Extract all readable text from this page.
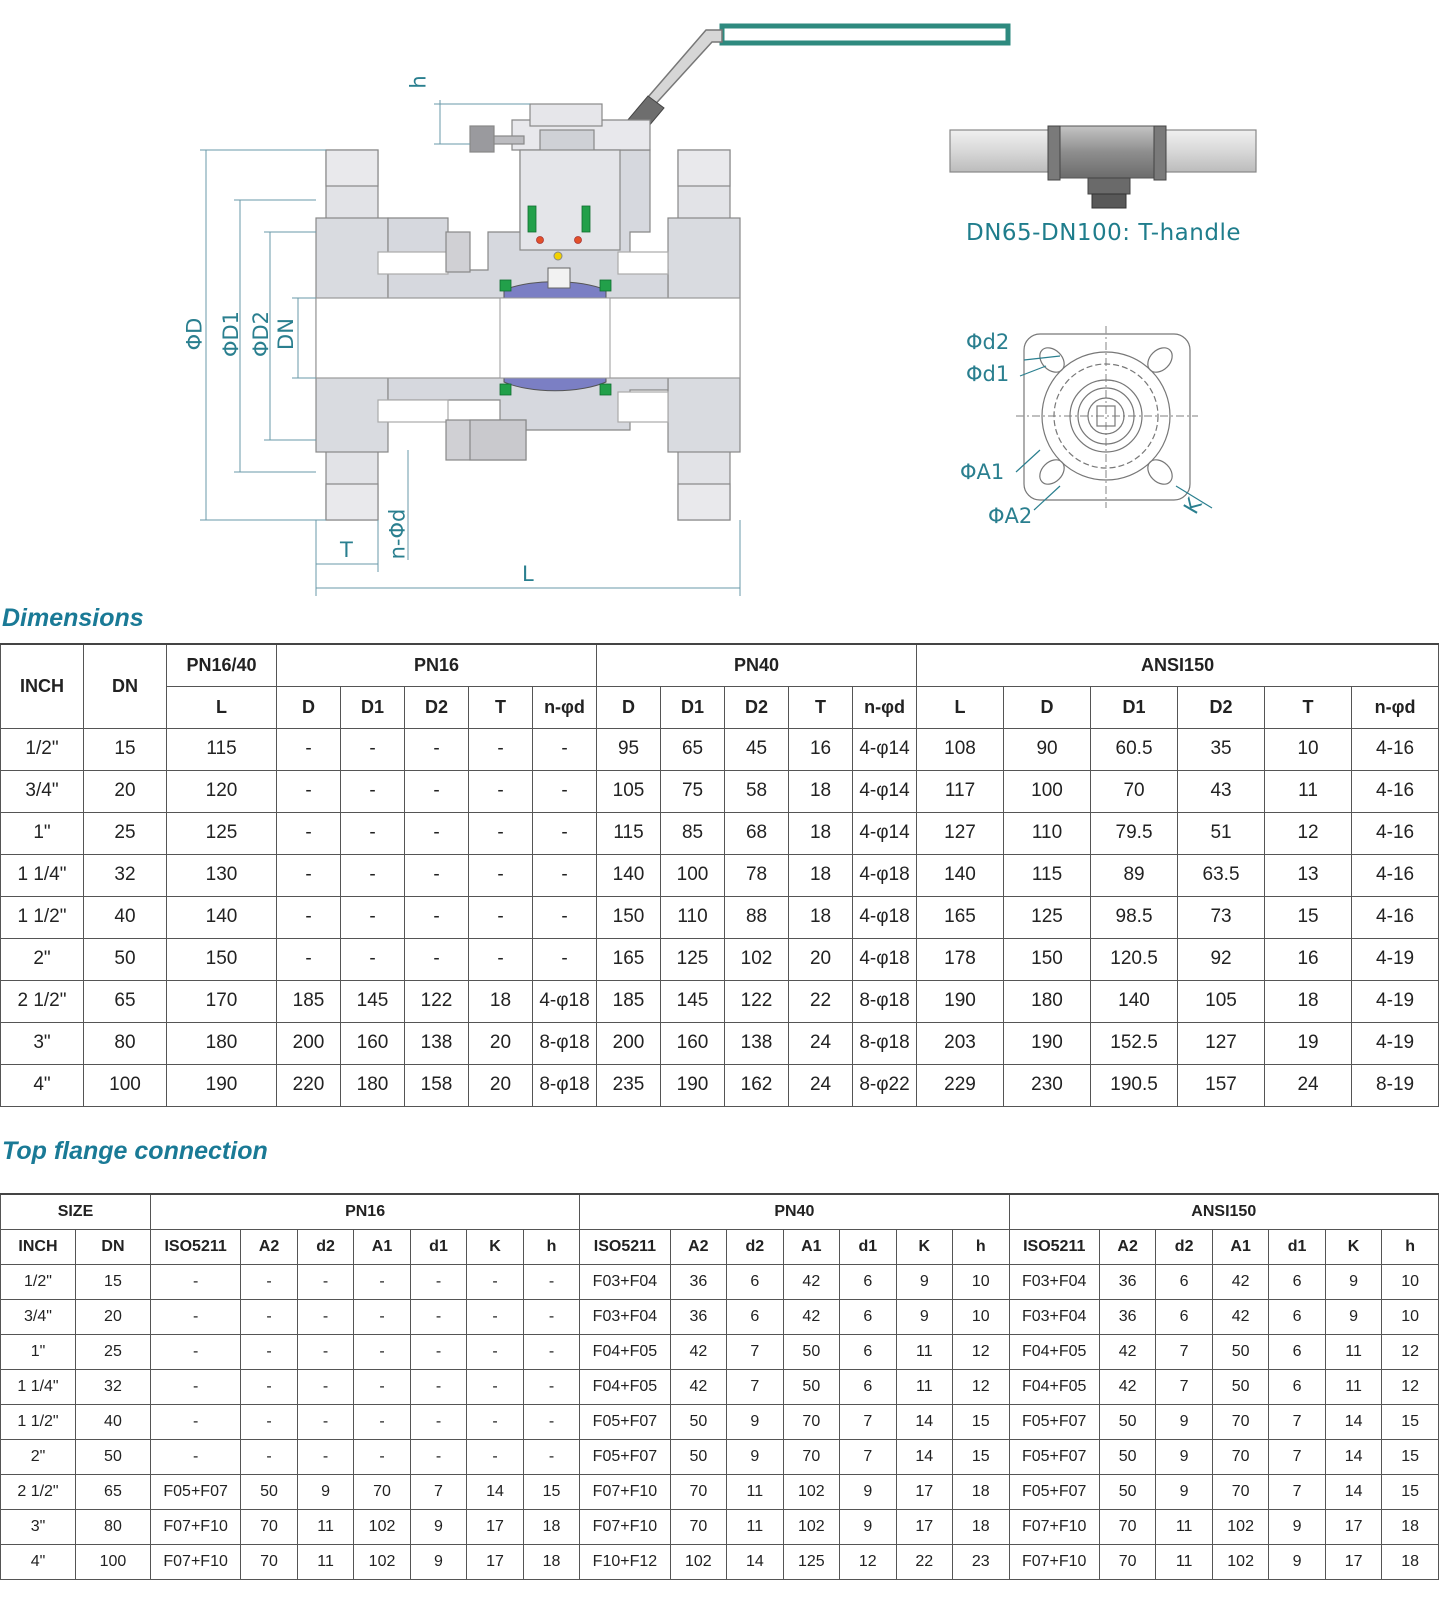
h
ΦD ΦD1 ΦD2 DN
T n-Φd
L
DN65-DN100: T-handle
Φd2
Φd1
ΦA1
ΦA2	K
Dimensions
INCH	DN	PN16/40	PN16					PN40					ANSI150					
		L	D	D1	D2	T	n-φd	D	D1	D2	T	n-φd	L	D	D1	D2	T	n-φd
1/2"	15	115	-	-	-	-	-	95	65	45	16	4-φ14	108	90	60.5	35	10	4-16
3/4"	20	120	-	-	-	-	-	105	75	58	18	4-φ14	117	100	70	43	11	4-16
1"	25	125	-	-	-	-	-	115	85	68	18	4-φ14	127	110	79.5	51	12	4-16
1 1/4"	32	130	-	-	-	-	-	140	100	78	18	4-φ18	140	115	89	63.5	13	4-16
1 1/2"	40	140	-	-	-	-	-	150	110	88	18	4-φ18	165	125	98.5	73	15	4-16
2"	50	150	-	-	-	-	-	165	125	102	20	4-φ18	178	150	120.5	92	16	4-19
2 1/2"	65	170	185	145	122	18	4-φ18	185	145	122	22	8-φ18	190	180	140	105	18	4-19
3"	80	180	200	160	138	20	8-φ18	200	160	138	24	8-φ18	203	190	152.5	127	19	4-19
4"	100	190	220	180	158	20	8-φ18	235	190	162	24	8-φ22	229	230	190.5	157	24	8-19
Top flange connection
SIZE		PN16							PN40							ANSI150						
INCH	DN	ISO5211	A2	d2	A1	d1	K	h	ISO5211	A2	d2	A1	d1	K	h	ISO5211	A2	d2	A1	d1	K	h
1/2"	15	-	-	-	-	-	-	-	F03+F04	36	6	42	6	9	10	F03+F04	36	6	42	6	9	10
3/4"	20	-	-	-	-	-	-	-	F03+F04	36	6	42	6	9	10	F03+F04	36	6	42	6	9	10
1"	25	-	-	-	-	-	-	-	F04+F05	42	7	50	6	11	12	F04+F05	42	7	50	6	11	12
1 1/4"	32	-	-	-	-	-	-	-	F04+F05	42	7	50	6	11	12	F04+F05	42	7	50	6	11	12
1 1/2"	40	-	-	-	-	-	-	-	F05+F07	50	9	70	7	14	15	F05+F07	50	9	70	7	14	15
2"	50	-	-	-	-	-	-	-	F05+F07	50	9	70	7	14	15	F05+F07	50	9	70	7	14	15
2 1/2"	65	F05+F07	50	9	70	7	14	15	F07+F10	70	11	102	9	17	18	F05+F07	50	9	70	7	14	15
3"	80	F07+F10	70	11	102	9	17	18	F07+F10	70	11	102	9	17	18	F07+F10	70	11	102	9	17	18
4"	100	F07+F10	70	11	102	9	17	18	F10+F12	102	14	125	12	22	23	F07+F10	70	11	102	9	17	18
